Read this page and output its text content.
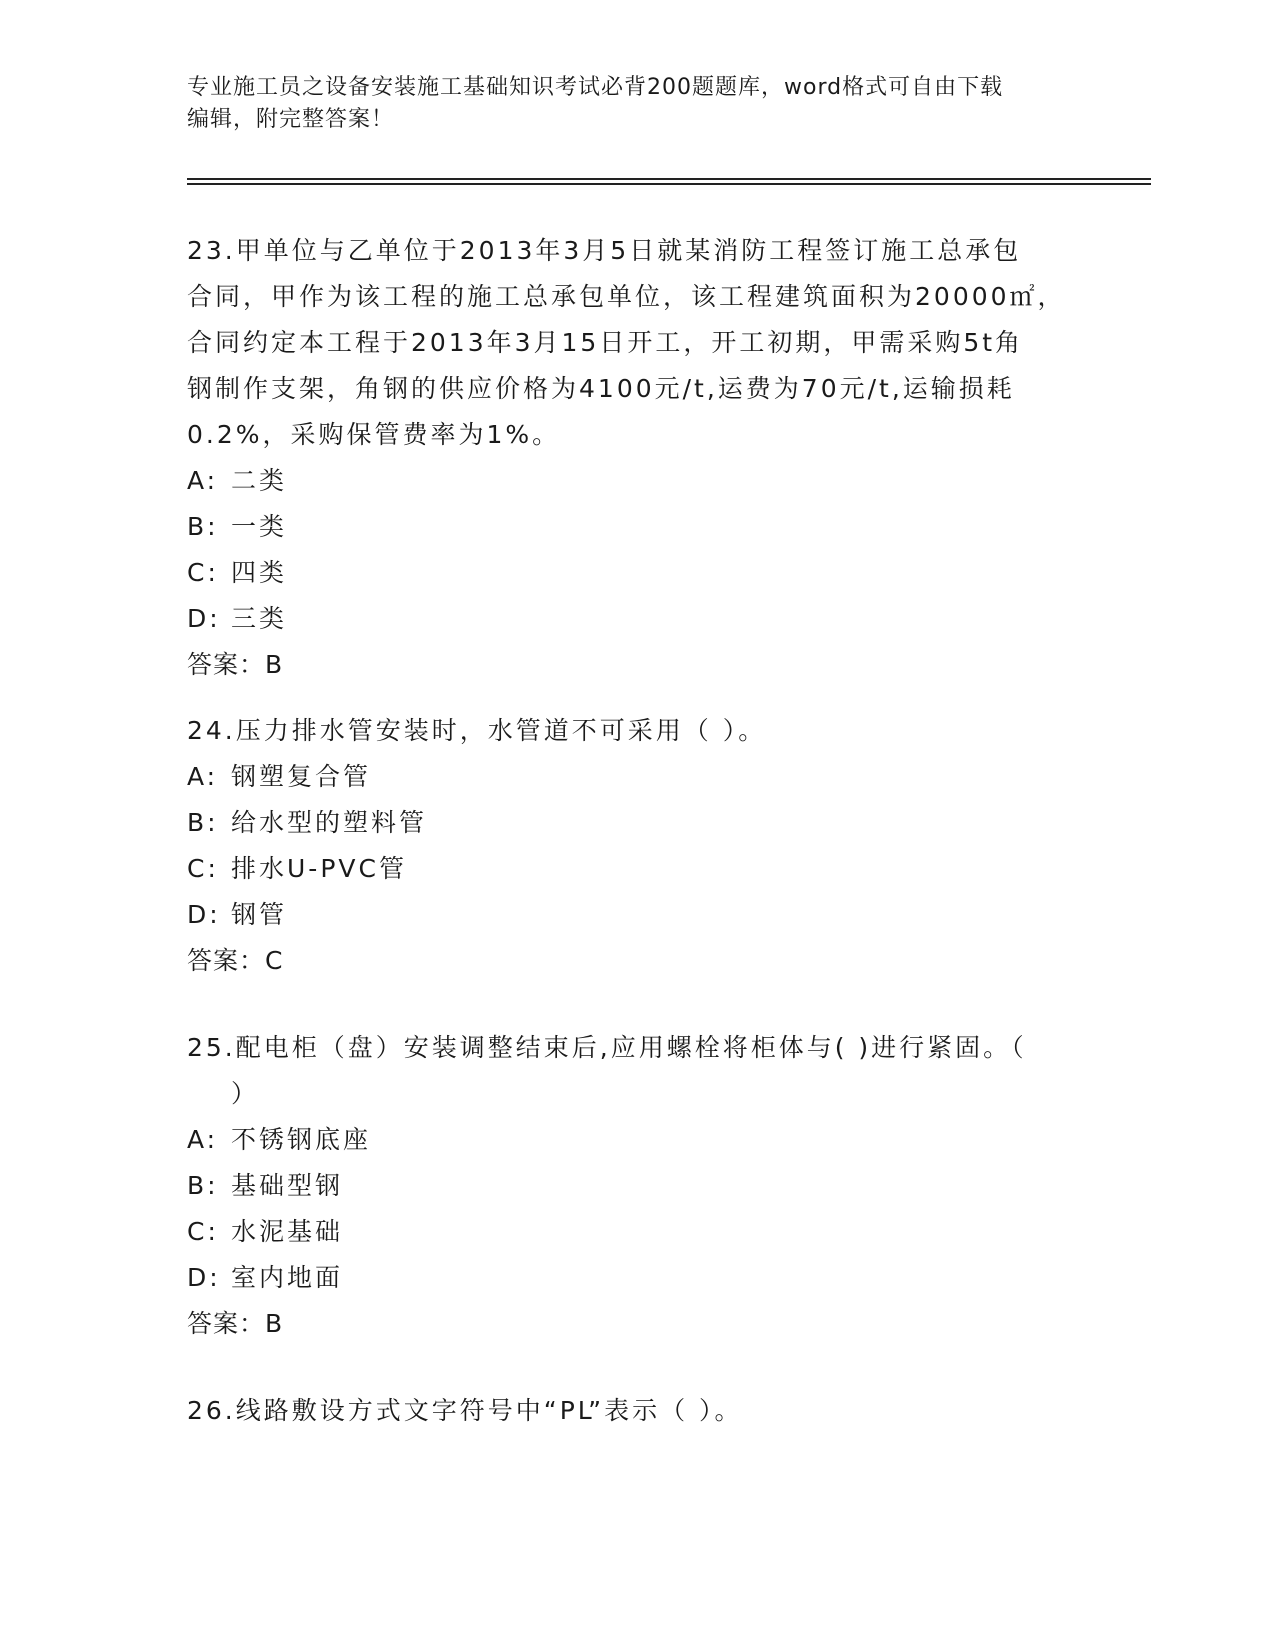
专业施工员之设备安装施工基础知识考试必背200题题库，word格式可自由下载
编辑，附完整答案！

23.甲单位与乙单位于2013年3月5日就某消防工程签订施工总承包

合同，甲作为该工程的施工总承包单位，该工程建筑面积为20000㎡，

合同约定本工程于2013年3月15日开工，开工初期，甲需采购5t角

钢制作支架，角钢的供应价格为4100元/t,运费为70元/t,运输损耗

0.2%，采购保管费率为1%。

A: 二类

B: 一类

C: 四类

D: 三类

答案：B

24.压力排水管安装时，水管道不可采用（ ）。

A: 钢塑复合管

B: 给水型的塑料管

C: 排水U-PVC管

D: 钢管

答案：C

25.配电柜（盘）安装调整结束后,应用螺栓将柜体与( )进行紧固。（

）

A: 不锈钢底座

B: 基础型钢

C: 水泥基础

D: 室内地面

答案：B

26.线路敷设方式文字符号中“PL”表示（ ）。
